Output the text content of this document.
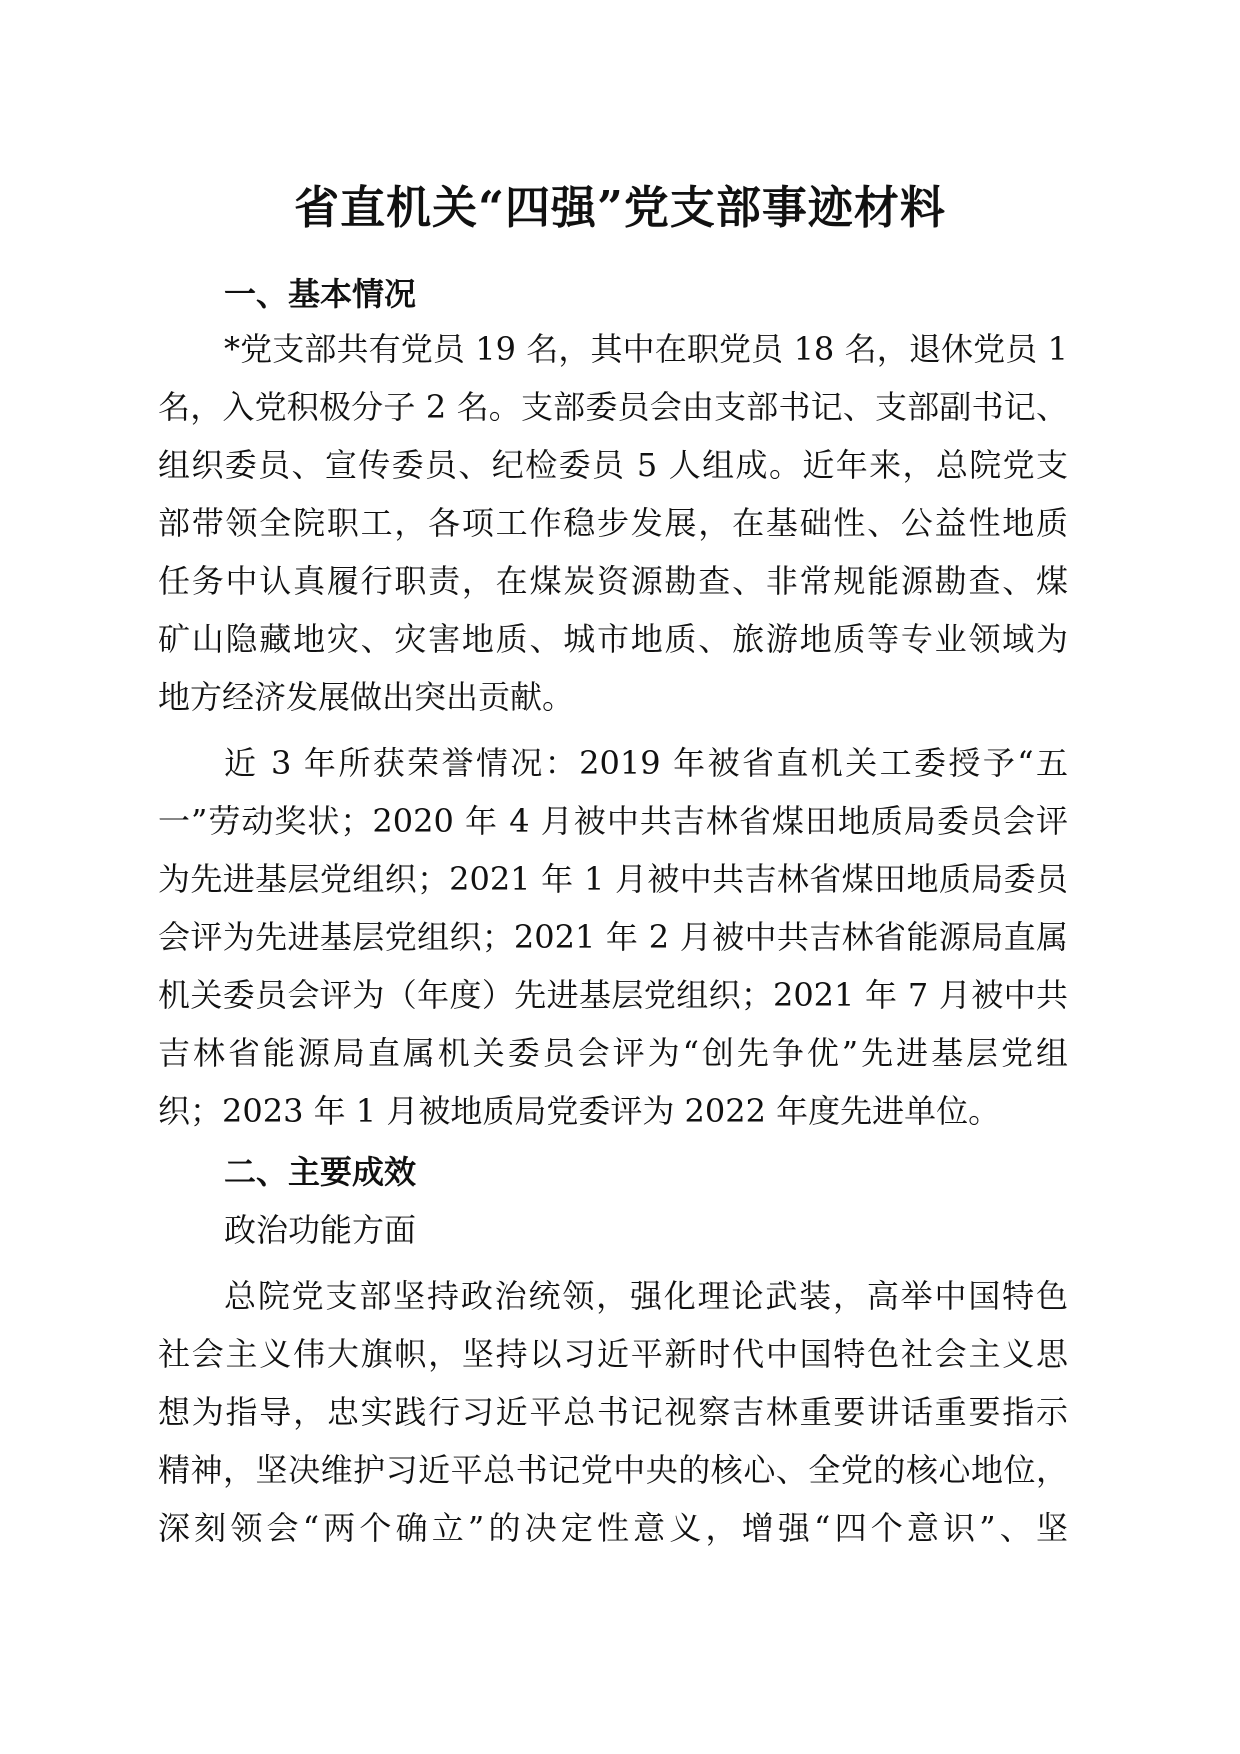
省直机关“四强”党支部事迹材料
一、基本情况
*党支部共有党员 19 名，其中在职党员 18 名，退休党员 1
名，入党积极分子 2 名。支部委员会由支部书记、支部副书记、
组织委员、宣传委员、纪检委员 5 人组成。近年来，总院党支
部带领全院职工，各项工作稳步发展，在基础性、公益性地质
任务中认真履行职责，在煤炭资源勘查、非常规能源勘查、煤
矿山隐藏地灾、灾害地质、城市地质、旅游地质等专业领域为
地方经济发展做出突出贡献。
近 3 年所获荣誉情况：2019 年被省直机关工委授予“五
一”劳动奖状；2020 年 4 月被中共吉林省煤田地质局委员会评
为先进基层党组织；2021 年 1 月被中共吉林省煤田地质局委员
会评为先进基层党组织；2021 年 2 月被中共吉林省能源局直属
机关委员会评为（年度）先进基层党组织；2021 年 7 月被中共
吉林省能源局直属机关委员会评为“创先争优”先进基层党组
织；2023 年 1 月被地质局党委评为 2022 年度先进单位。
二、主要成效
政治功能方面
总院党支部坚持政治统领，强化理论武装，高举中国特色
社会主义伟大旗帜，坚持以习近平新时代中国特色社会主义思
想为指导，忠实践行习近平总书记视察吉林重要讲话重要指示
精神，坚决维护习近平总书记党中央的核心、全党的核心地位，
深刻领会“两个确立”的决定性意义，增强“四个意识”、坚
